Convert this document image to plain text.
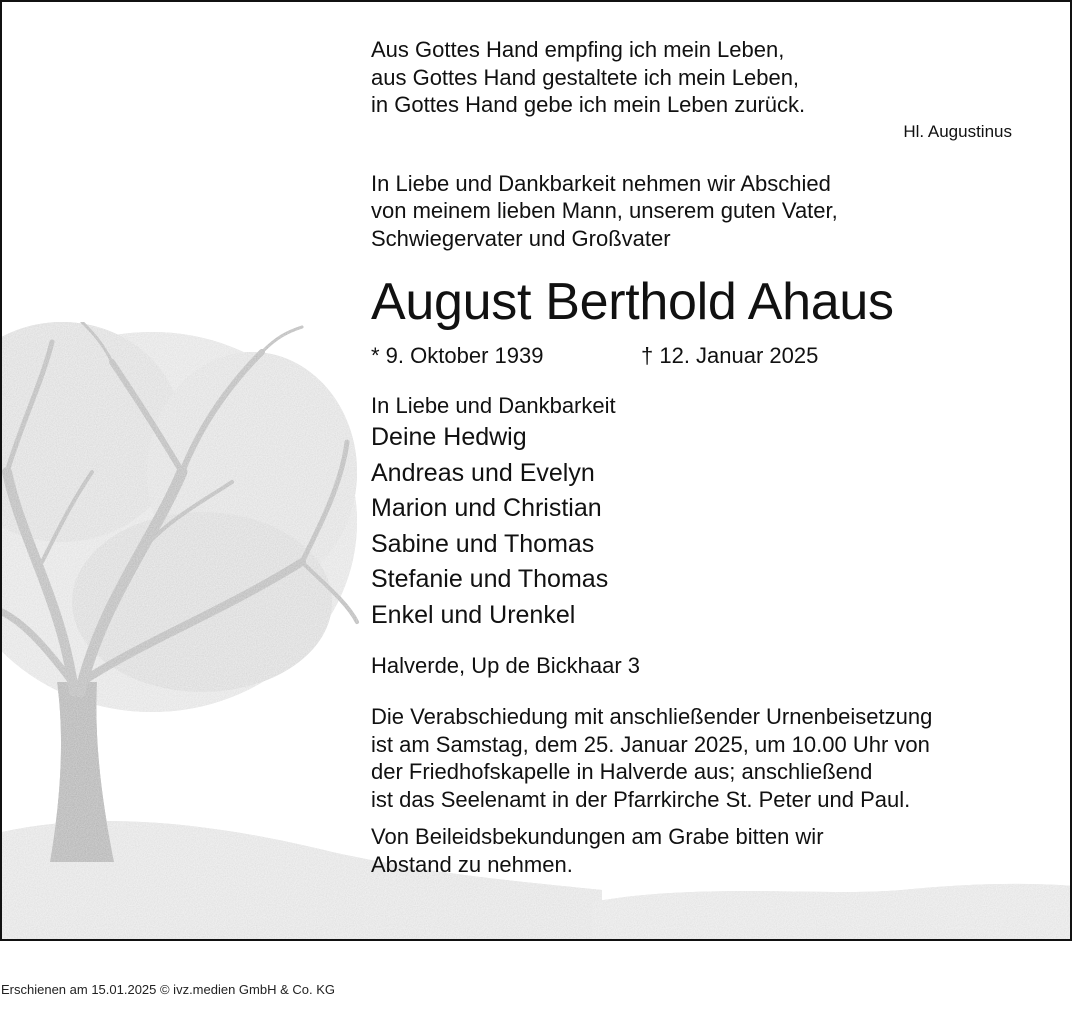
Aus Gottes Hand empfing ich mein Leben,
aus Gottes Hand gestaltete ich mein Leben,
in Gottes Hand gebe ich mein Leben zurück.
Hl. Augustinus
In Liebe und Dankbarkeit nehmen wir Abschied
von meinem lieben Mann, unserem guten Vater,
Schwiegervater und Großvater
August Berthold Ahaus
* 9. Oktober 1939	† 12. Januar 2025
In Liebe und Dankbarkeit
Deine Hedwig
Andreas und Evelyn
Marion und Christian
Sabine und Thomas
Stefanie und Thomas
Enkel und Urenkel
Halverde, Up de Bickhaar 3
Die Verabschiedung mit anschließender Urnenbeisetzung
ist am Samstag, dem 25. Januar 2025, um 10.00 Uhr von
der Friedhofskapelle in Halverde aus; anschließend
ist das Seelenamt in der Pfarrkirche St. Peter und Paul.
Von Beileidsbekundungen am Grabe bitten wir
Abstand zu nehmen.
Erschienen am 15.01.2025 © ivz.medien GmbH & Co. KG
